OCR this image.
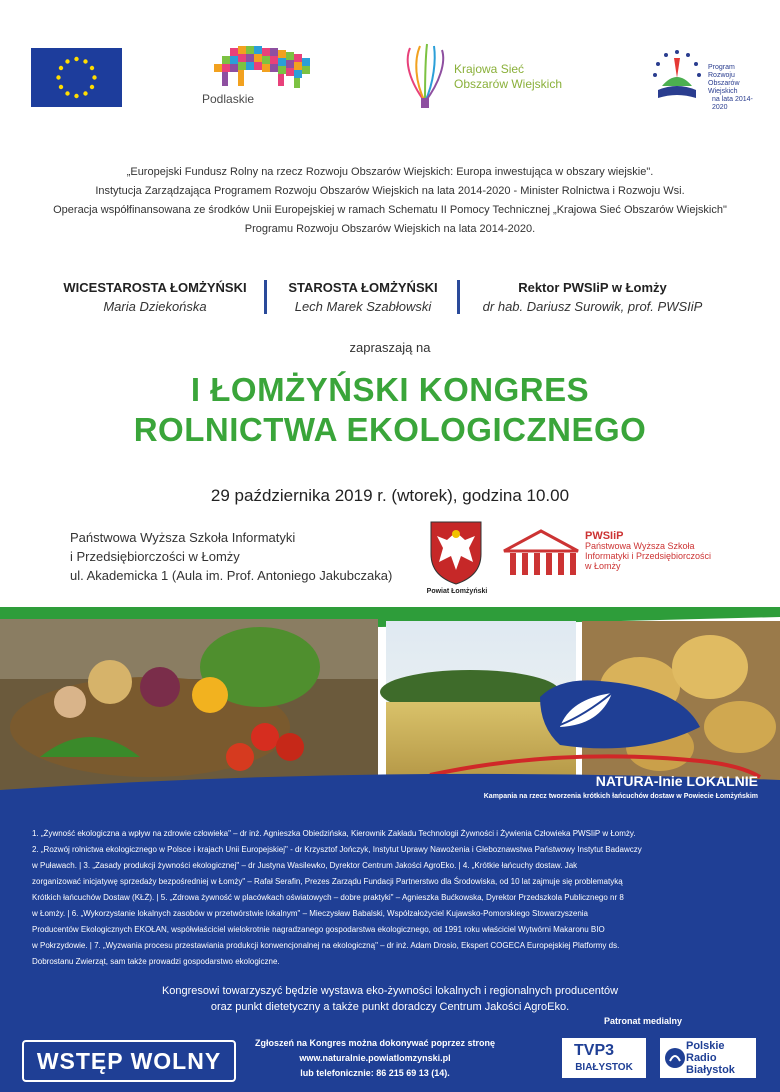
Podlaskie
Krajowa Sieć
Obszarów Wiejskich
Program
Rozwoju
Obszarów
Wiejskich
na lata 2014-2020
„Europejski Fundusz Rolny na rzecz Rozwoju Obszarów Wiejskich: Europa inwestująca w obszary wiejskie".
Instytucja Zarządzająca Programem Rozwoju Obszarów Wiejskich na lata 2014-2020 - Minister Rolnictwa i Rozwoju Wsi.
Operacja współfinansowana ze środków Unii Europejskiej w ramach Schematu II Pomocy Technicznej „Krajowa Sieć Obszarów Wiejskich"
Programu Rozwoju Obszarów Wiejskich na lata 2014-2020.
WICESTAROSTA ŁOMŻYŃSKI
Maria Dziekońska
STAROSTA ŁOMŻYŃSKI
Lech Marek Szabłowski
Rektor PWSIiP w Łomży
dr hab. Dariusz Surowik, prof. PWSIiP
zapraszają na
I ŁOMŻYŃSKI KONGRES
ROLNICTWA EKOLOGICZNEGO
29 października 2019 r. (wtorek), godzina 10.00
Państwowa Wyższa Szkoła Informatyki
i Przedsiębiorczości w Łomży
ul. Akademicka 1 (Aula im. Prof. Antoniego Jakubczaka)
Powiat Łomżyński
PWSIiP
Państwowa Wyższa Szkoła
Informatyki i Przedsiębiorczości
w Łomży
NATURA-lnie LOKALNIE
Kampania na rzecz tworzenia krótkich łańcuchów dostaw w Powiecie Łomżyńskim
1. „Żywność ekologiczna a wpływ na zdrowie człowieka" – dr inż. Agnieszka Obiedzińska, Kierownik Zakładu Technologii Żywności i Żywienia Człowieka PWSIiP w Łomży.
2. „Rozwój rolnictwa ekologicznego w Polsce i krajach Unii Europejskiej" - dr Krzysztof Jończyk, Instytut Uprawy Nawożenia i Gleboznawstwa Państwowy Instytut Badawczy
w Puławach. | 3. „Zasady produkcji żywności ekologicznej" – dr Justyna Wasilewko, Dyrektor Centrum Jakości AgroEko. | 4. „Krótkie łańcuchy dostaw. Jak
zorganizować inicjatywę sprzedaży bezpośredniej w Łomży" – Rafał Serafin, Prezes Zarządu Fundacji Partnerstwo dla Środowiska, od 10 lat zajmuje się problematyką
Krótkich łańcuchów Dostaw (KŁŻ). | 5. „Zdrowa żywność w placówkach oświatowych – dobre praktyki" – Agnieszka Bućkowska, Dyrektor Przedszkola Publicznego nr 8
w Łomży. | 6. „Wykorzystanie lokalnych zasobów w przetwórstwie lokalnym" – Mieczysław Babalski, Współzałożyciel Kujawsko-Pomorskiego Stowarzyszenia
Producentów Ekologicznych EKOŁAN, współwłaściciel wielokrotnie nagradzanego gospodarstwa ekologicznego, od 1991 roku właściciel Wytwórni Makaronu BIO
w Pokrzydowie. | 7. „Wyzwania procesu przestawiania produkcji konwencjonalnej na ekologiczną" – dr inż. Adam Drosio, Ekspert COGECA Europejskiej Platformy ds.
Dobrostanu Zwierząt, sam także prowadzi gospodarstwo ekologiczne.
Kongresowi towarzyszyć będzie wystawa eko-żywności lokalnych i regionalnych producentów
oraz punkt dietetyczny a także punkt doradczy Centrum Jakości AgroEko.
Patronat medialny
WSTĘP WOLNY
Zgłoszeń na Kongres można dokonywać poprzez stronę
www.naturalnie.powiatlomzynski.pl
lub telefonicznie: 86 215 69 13 (14).
TVP3
BIAŁYSTOK
Polskie
Radio
Białystok
